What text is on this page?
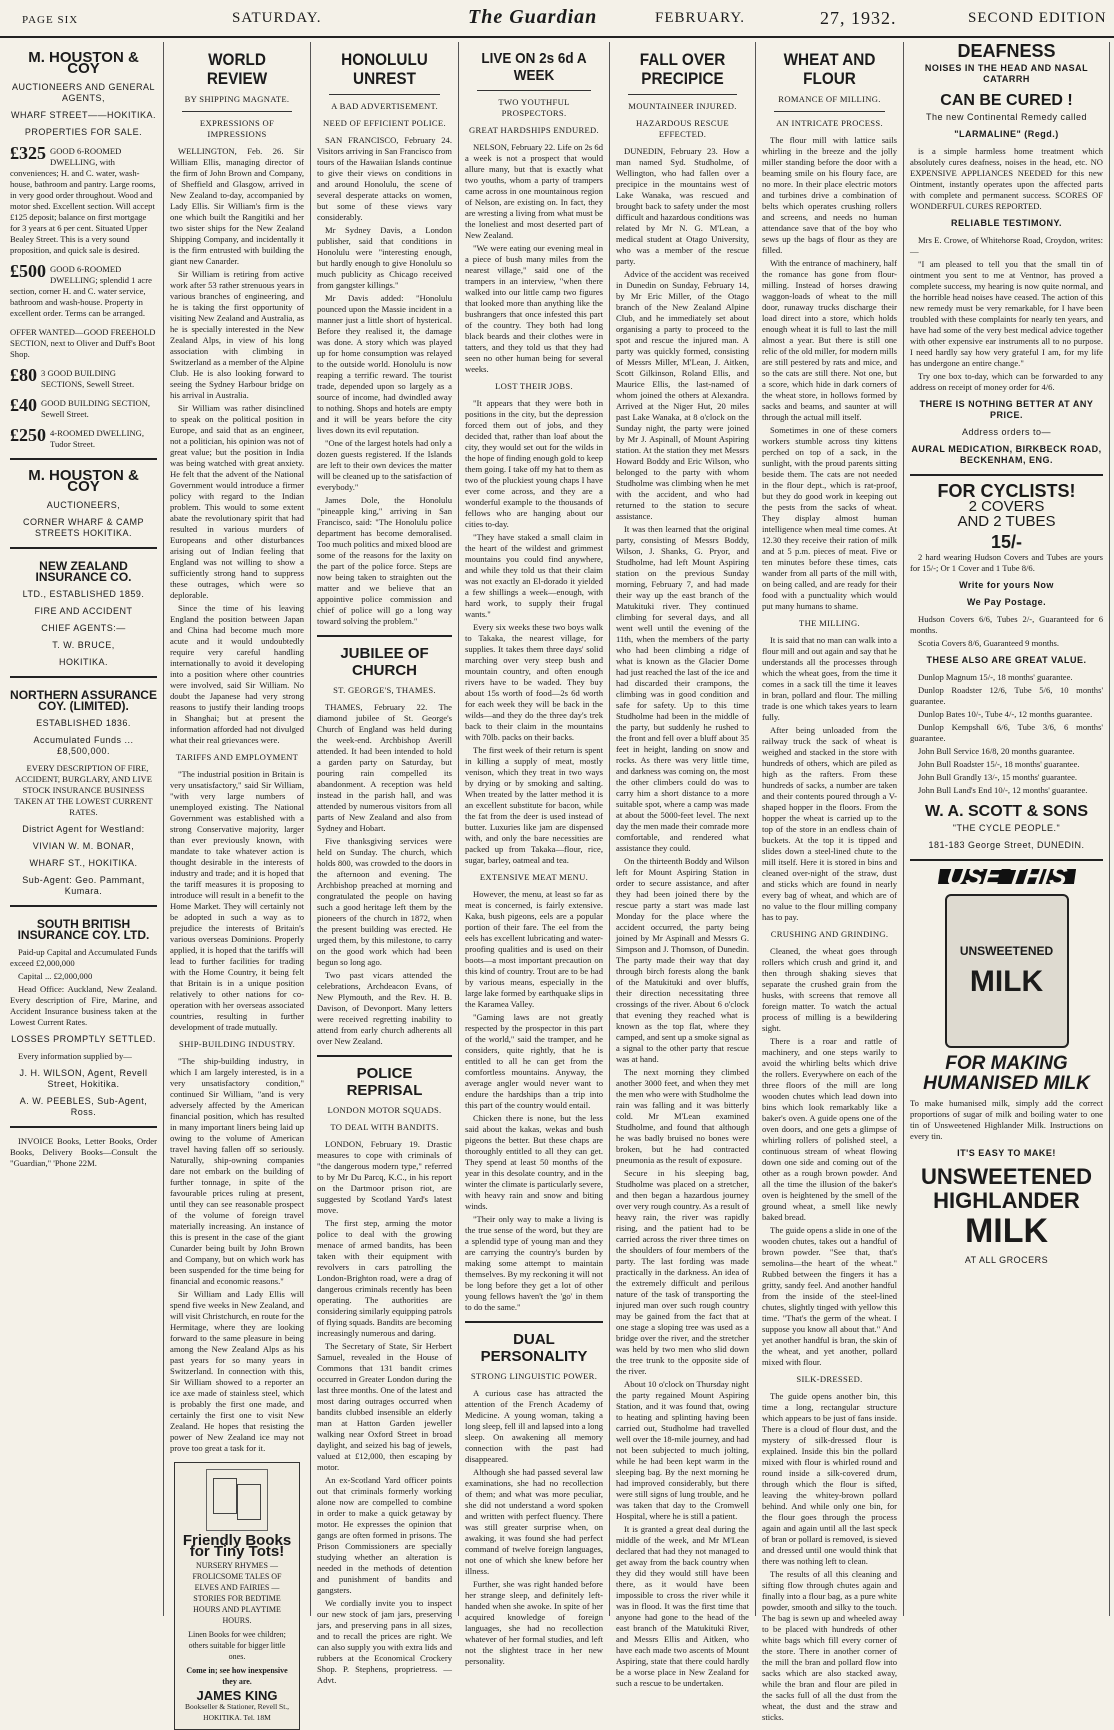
PAGE SIX	SATURDAY.	The Guardian	FEBRUARY.	27, 1932.	SECOND EDITION
M. HOUSTON & COY
AUCTIONEERS AND GENERAL AGENTS,
WHARF STREET——HOKITIKA.
PROPERTIES FOR SALE.
£325 GOOD 6-ROOMED DWELLING, with conveniences; H. and C. water, wash-house, bathroom and pantry. Large rooms, in very good order throughout. Wood and motor shed. Excellent section. Will accept £125 deposit; balance on first mortgage for 3 years at 6 per cent. Situated Upper Bealey Street. This is a very sound proposition, and quick sale is desired.
£500 GOOD 6-ROOMED DWELLING; splendid 1 acre section, corner H. and C. water service, bathroom and wash-house. Property in excellent order. Terms can be arranged.
OFFER WANTED—GOOD FREEHOLD SECTION, next to Oliver and Duff's Boot Shop.
£80 3 GOOD BUILDING SECTIONS, Sewell Street.
£40 GOOD BUILDING SECTION, Sewell Street.
£250 4-ROOMED DWELLING, Tudor Street.
M. HOUSTON & COY
AUCTIONEERS,
CORNER WHARF & CAMP STREETS HOKITIKA.
NEW ZEALAND INSURANCE CO.
LTD., ESTABLISHED 1859.
FIRE AND ACCIDENT
CHIEF AGENTS:—
T. W. BRUCE,
HOKITIKA.
NORTHERN ASSURANCE COY. (LIMITED).
ESTABLISHED 1836.
Accumulated Funds ... £8,500,000.

EVERY DESCRIPTION OF FIRE, ACCIDENT, BURGLARY, AND LIVE STOCK INSURANCE BUSINESS TAKEN AT THE LOWEST CURRENT RATES.

District Agent for Westland:
VIVIAN W. M. BONAR,
WHARF ST., HOKITIKA.
Sub-Agent: Geo. Pammant, Kumara.
SOUTH BRITISH INSURANCE COY. LTD.

Paid-up Capital and Accumulated Funds exceed £2,000,000

Capital ... £2,000,000

Head Office: Auckland, New Zealand. Every description of Fire, Marine, and Accident Insurance business taken at the Lowest Current Rates.

LOSSES PROMPTLY SETTLED.

Every information supplied by—

J. H. WILSON, Agent, Revell Street, Hokitika.
A. W. PEEBLES, Sub-Agent, Ross.

INVOICE Books, Letter Books, Order Books, Delivery Books—Consult the "Guardian," 'Phone 22M.

WORLD REVIEW
BY SHIPPING MAGNATE.
EXPRESSIONS OF IMPRESSIONS

WELLINGTON, Feb. 26. Sir William Ellis, managing director of the firm of John Brown and Company, of Sheffield and Glasgow, arrived in New Zealand to-day, accompanied by Lady Ellis. Sir William's firm is the one which built the Rangitiki and her two sister ships for the New Zealand Shipping Company, and incidentally it is the firm entrusted with building the giant new Canarder.

Sir William is retiring from active work after 53 rather strenuous years in various branches of engineering, and he is taking the first opportunity of visiting New Zealand and Australia, as he is specially interested in the New Zealand Alps, in view of his long association with climbing in Switzerland as a member of the Alpine Club. He is also looking forward to seeing the Sydney Harbour bridge on his arrival in Australia.

Sir William was rather disinclined to speak on the political position in Europe, and said that as an engineer, not a politician, his opinion was not of great value; but the position in India was being watched with great anxiety. He felt that the advent of the National Government would introduce a firmer policy with regard to the Indian problem. This would to some extent abate the revolutionary spirit that had resulted in various murders of Europeans and other disturbances arising out of Indian feeling that England was not willing to show a sufficiently strong hand to suppress these outrages, which were so deplorable.

Since the time of his leaving England the position between Japan and China had become much more acute and it would undoubtedly require very careful handling internationally to avoid it developing into a position where other countries were involved, said Sir William. No doubt the Japanese had very strong reasons to justify their landing troops in Shanghai; but at present the information afforded had not divulged what their real grievances were.

TARIFFS AND EMPLOYMENT

"The industrial position in Britain is very unsatisfactory," said Sir William, "with very large numbers of unemployed existing. The National Government was established with a strong Conservative majority, larger than ever previously known, with mandate to take whatever action is thought desirable in the interests of industry and trade; and it is hoped that the tariff measures it is proposing to introduce will result in a benefit to the Home Market. They will certainly not be adopted in such a way as to prejudice the interests of Britain's various overseas Dominions. Properly applied, it is hoped that the tariffs will lead to further facilities for trading with the Home Country, it being felt that Britain is in a unique position relatively to other nations for co-operation with her overseas associated countries, resulting in further development of trade mutually.

SHIP-BUILDING INDUSTRY.

"The ship-building industry, in which I am largely interested, is in a very unsatisfactory condition," continued Sir William, "and is very adversely affected by the American financial position, which has resulted in many important liners being laid up owing to the volume of American travel having fallen off so seriously. Naturally, ship-owning companies dare not embark on the building of further tonnage, in spite of the favourable prices ruling at present, until they can see reasonable prospect of the volume of foreign travel materially increasing. An instance of this is present in the case of the giant Cunarder being built by John Brown and Company, but on which work has been suspended for the time being for financial and economic reasons."

Sir William and Lady Ellis will spend five weeks in New Zealand, and will visit Christchurch, en route for the Hermitage, where they are looking forward to the same pleasure in being among the New Zealand Alps as his past years for so many years in Switzerland. In connection with this, Sir William showed to a reporter an ice axe made of stainless steel, which is probably the first one made, and certainly the first one to visit New Zealand. He hopes that resisting the power of New Zealand ice may not prove too great a task for it.

Friendly Books for Tiny Tots!
NURSERY RHYMES — FROLICSOME TALES OF ELVES AND FAIRIES — STORIES FOR BEDTIME HOURS AND PLAYTIME HOURS.
Linen Books for wee children; others suitable for bigger little ones.
Come in; see how inexpensive they are.
JAMES KING
Bookseller & Stationer, Revell St., HOKITIKA. Tel. 18M
HONOLULU UNREST
A BAD ADVERTISEMENT.
NEED OF EFFICIENT POLICE.

SAN FRANCISCO, February 24. Visitors arriving in San Francisco from tours of the Hawaiian Islands continue to give their views on conditions in and around Honolulu, the scene of several desperate attacks on women, but some of these views vary considerably.

Mr Sydney Davis, a London publisher, said that conditions in Honolulu were "interesting enough, but hardly enough to give Honolulu so much publicity as Chicago received from gangster killings."

Mr Davis added: "Honolulu pounced upon the Massie incident in a manner just a little short of hysterical. Before they realised it, the damage was done. A story which was played up for home consumption was relayed to the outside world. Honolulu is now reaping a terrific reward. The tourist trade, depended upon so largely as a source of income, had dwindled away to nothing. Shops and hotels are empty and it will be years before the city lives down its evil reputation.

"One of the largest hotels had only a dozen guests registered. If the Islands are left to their own devices the matter will be cleaned up to the satisfaction of everybody."

James Dole, the Honolulu "pineapple king," arriving in San Francisco, said: "The Honolulu police department has become demoralised. Too much politics and mixed blood are some of the reasons for the laxity on the part of the police force. Steps are now being taken to straighten out the matter and we believe that an appointive police commission and chief of police will go a long way toward solving the problem."

JUBILEE OF CHURCH
ST. GEORGE'S, THAMES.

THAMES, February 22. The diamond jubilee of St. George's Church of England was held during the week-end. Archbishop Averill attended. It had been intended to hold a garden party on Saturday, but pouring rain compelled its abandonment. A reception was held instead in the parish hall, and was attended by numerous visitors from all parts of New Zealand and also from Sydney and Hobart.

Five thanksgiving services were held on Sunday. The church, which holds 800, was crowded to the doors in the afternoon and evening. The Archbishop preached at morning and congratulated the people on having such a good heritage left them by the pioneers of the church in 1872, when the present building was erected. He urged them, by this milestone, to carry on the good work which had been begun so long ago.

Two past vicars attended the celebrations, Archdeacon Evans, of New Plymouth, and the Rev. H. B. Davison, of Devonport. Many letters were received regretting inability to attend from early church adherents all over New Zealand.

POLICE REPRISAL
LONDON MOTOR SQUADS.
TO DEAL WITH BANDITS.

LONDON, February 19. Drastic measures to cope with criminals of "the dangerous modern type," referred to by Mr Du Parcq, K.C., in his report on the Dartmoor prison riot, are suggested by Scotland Yard's latest move.

The first step, arming the motor police to deal with the growing menace of armed bandits, has been taken with their equipment with revolvers in cars patrolling the London-Brighton road, were a drag of dangerous criminals recently has been operating. The authorities are considering similarly equipping patrols of flying squads. Bandits are becoming increasingly numerous and daring.

The Secretary of State, Sir Herbert Samuel, revealed in the House of Commons that 131 bandit crimes occurred in Greater London during the last three months. One of the latest and most daring outrages occurred when bandits clubbed insensible an elderly man at Hatton Garden jeweller walking near Oxford Street in broad daylight, and seized his bag of jewels, valued at £12,000, then escaping by motor.

An ex-Scotland Yard officer points out that criminals formerly working alone now are compelled to combine in order to make a quick getaway by motor. He expresses the opinion that gangs are often formed in prisons. The Prison Commissioners are specially studying whether an alteration is needed in the methods of detention and punishment of bandits and gangsters.

We cordially invite you to inspect our new stock of jam jars, preserving jars, and preserving pans in all sizes, and to recall the prices are right. We can also supply you with extra lids and rubbers at the Economical Crockery Shop. P. Stephens, proprietress. —Advt.

LIVE ON 2s 6d A WEEK
TWO YOUTHFUL PROSPECTORS.
GREAT HARDSHIPS ENDURED.

NELSON, February 22. Life on 2s 6d a week is not a prospect that would allure many, but that is exactly what two youths, whom a party of trampers came across in one mountainous region of Nelson, are existing on. In fact, they are wresting a living from what must be the loneliest and most deserted part of New Zealand.

"We were eating our evening meal in a piece of bush many miles from the nearest village," said one of the trampers in an interview, "when there walked into our little camp two figures that looked more than anything like the bushrangers that once infested this part of the country. They both had long black beards and their clothes were in tatters, and they told us that they had seen no other human being for several weeks.

LOST THEIR JOBS.

"It appears that they were both in positions in the city, but the depression forced them out of jobs, and they decided that, rather than loaf about the city, they would set out for the wilds in the hope of finding enough gold to keep them going. I take off my hat to them as two of the pluckiest young chaps I have ever come across, and they are a wonderful example to the thousands of fellows who are hanging about our cities to-day.

"They have staked a small claim in the heart of the wildest and grimmest mountains you could find anywhere, and while they told us that their claim was not exactly an El-dorado it yielded a few shillings a week—enough, with hard work, to supply their frugal wants."

Every six weeks these two boys walk to Takaka, the nearest village, for supplies. It takes them three days' solid marching over very steep bush and mountain country, and often enough rivers have to be waded. They buy about 15s worth of food—2s 6d worth for each week they will be back in the wilds—and they do the three day's trek back to their claim in the mountains with 70lb. packs on their backs.

The first week of their return is spent in killing a supply of meat, mostly venison, which they treat in two ways by drying or by smoking and salting. When treated by the latter method it is an excellent substitute for bacon, while the fat from the deer is used instead of butter. Luxuries like jam are dispensed with, and only the bare necessities are packed up from Takaka—flour, rice, sugar, barley, oatmeal and tea.

EXTENSIVE MEAT MENU.

However, the menu, at least so far as meat is concerned, is fairly extensive. Kaka, bush pigeons, eels are a popular portion of their fare. The eel from the eels has excellent lubricating and water-proofing qualities and is used on their boots—a most important precaution on this kind of country. Trout are to be had by various means, especially in the large lake formed by earthquake slips in the Karamea Valley.

"Gaming laws are not greatly respected by the prospector in this part of the world," said the tramper, and he considers, quite rightly, that he is entitled to all he can get from the comfortless mountains. Anyway, the average angler would never want to endure the hardships than a trip into this part of the country would entail.

Chicken there is none, but the less said about the kakas, wekas and bush pigeons the better. But these chaps are thoroughly entitled to all they can get. They spend at least 50 months of the year in this desolate country, and in the winter the climate is particularly severe, with heavy rain and snow and biting winds.

"Their only way to make a living is the true sense of the word, but they are a splendid type of young man and they are carrying the country's burden by making some attempt to maintain themselves. By my reckoning it will not be long before they get a lot of other young fellows haven't the 'go' in them to do the same."

DUAL PERSONALITY
STRONG LINGUISTIC POWER.

A curious case has attracted the attention of the French Academy of Medicine. A young woman, taking a long sleep, fell ill and lapsed into a long sleep. On awakening all memory connection with the past had disappeared.

Although she had passed several law examinations, she had no recollection of them; and what was more peculiar, she did not understand a word spoken and written with perfect fluency. There was still greater surprise when, on awaking, it was found she had perfect command of twelve foreign languages, not one of which she knew before her illness.

Further, she was right handed before her strange sleep, and definitely left-handed when she awoke. In spite of her acquired knowledge of foreign languages, she had no recollection whatever of her formal studies, and left not the slightest trace in her new personality.

FALL OVER PRECIPICE
MOUNTAINEER INJURED.
HAZARDOUS RESCUE EFFECTED.

DUNEDIN, February 23. How a man named Syd. Studholme, of Wellington, who had fallen over a precipice in the mountains west of Lake Wanaka, was rescued and brought back to safety under the most difficult and hazardous conditions was related by Mr N. G. M'Lean, a medical student at Otago University, who was a member of the rescue party.

Advice of the accident was received in Dunedin on Sunday, February 14, by Mr Eric Miller, of the Otago branch of the New Zealand Alpine Club, and he immediately set about organising a party to proceed to the spot and rescue the injured man. A party was quickly formed, consisting of Messrs Miller, M'Lean, J. Aitken, Scott Gilkinson, Roland Ellis, and Maurice Ellis, the last-named of whom joined the others at Alexandra. Arrived at the Niger Hut, 20 miles past Lake Wanaka, at 8 o'clock on the Sunday night, the party were joined by Mr J. Aspinall, of Mount Aspiring station. At the station they met Messrs Howard Boddy and Eric Wilson, who belonged to the party with whom Studholme was climbing when he met with the accident, and who had returned to the station to secure assistance.

It was then learned that the original party, consisting of Messrs Boddy, Wilson, J. Shanks, G. Pryor, and Studholme, had left Mount Aspiring station on the previous Sunday morning, February 7, and had made their way up the east branch of the Matukituki river. They continued climbing for several days, and all went well until the evening of the 11th, when the members of the party who had been climbing a ridge of what is known as the Glacier Dome had just reached the last of the ice and had discarded their crampons, the climbing was in good condition and safe for safety. Up to this time Studholme had been in the middle of the party, but suddenly he rushed to the front and fell over a bluff about 35 feet in height, landing on snow and rocks. As there was very little time, and darkness was coming on, the most the other climbers could do was to carry him a short distance to a more suitable spot, where a camp was made at about the 5000-feet level. The next day the men made their comrade more comfortable, and rendered what assistance they could.

On the thirteenth Boddy and Wilson left for Mount Aspiring Station in order to secure assistance, and after they had been joined there by the rescue party a start was made last Monday for the place where the accident occurred, the party being joined by Mr Aspinall and Messrs G. Simpson and J. Thomson, of Dunedin. The party made their way that day through birch forests along the bank of the Matukituki and over bluffs, their direction necessitating three crossings of the river. About 6 o'clock that evening they reached what is known as the top flat, where they camped, and sent up a smoke signal as a signal to the other party that rescue was at hand.

The next morning they climbed another 3000 feet, and when they met the men who were with Studholme the rain was falling and it was bitterly cold. Mr M'Lean examined Studholme, and found that although he was badly bruised no bones were broken, but he had contracted pneumonia as the result of exposure.

Secure in his sleeping bag, Studholme was placed on a stretcher, and then began a hazardous journey over very rough country. As a result of heavy rain, the river was rapidly rising, and the patient had to be carried across the river three times on the shoulders of four members of the party. The last fording was made practically in the darkness. An idea of the extremely difficult and perilous nature of the task of transporting the injured man over such rough country may be gained from the fact that at one stage a sloping tree was used as a bridge over the river, and the stretcher was held by two men who slid down the tree trunk to the opposite side of the river.

About 10 o'clock on Thursday night the party regained Mount Aspiring Station, and it was found that, owing to heating and splinting having been carried out, Studholme had travelled well over the 18-mile journey, and had not been subjected to much jolting, while he had been kept warm in the sleeping bag. By the next morning he had improved considerably, but there were still signs of lung trouble, and he was taken that day to the Cromwell Hospital, where he is still a patient.

It is granted a great deal during the middle of the week, and Mr M'Lean declared that had they not managed to get away from the back country when they did they would still have been there, as it would have been impossible to cross the river while it was in flood. It was the first time that anyone had gone to the head of the east branch of the Matukituki River, and Messrs Ellis and Aitken, who have each made two ascents of Mount Aspiring, state that there could hardly be a worse place in New Zealand for such a rescue to be undertaken.

WHEAT AND FLOUR
ROMANCE OF MILLING.
AN INTRICATE PROCESS.

The flour mill with lattice sails whirling in the breeze and the jolly miller standing before the door with a beaming smile on his floury face, are no more. In their place electric motors and turbines drive a combination of belts which operates crushing rollers and screens, and needs no human attendance save that of the boy who sews up the bags of flour as they are filled.

With the entrance of machinery, half the romance has gone from flour-milling. Instead of horses drawing waggon-loads of wheat to the mill door, runaway trucks discharge their load direct into a store, which holds enough wheat it is full to last the mill almost a year. But there is still one relic of the old miller, for modern mills are still pestered by rats and mice, and so the cats are still there. Not one, but a score, which hide in dark corners of the wheat store, in hollows formed by sacks and beams, and saunter at will through the actual mill itself.

Sometimes in one of these corners workers stumble across tiny kittens perched on top of a sack, in the sunlight, with the proud parents sitting beside them. The cats are not needed in the flour dept., which is rat-proof, but they do good work in keeping out the pests from the sacks of wheat. They display almost human intelligence when meal time comes. At 12.30 they receive their ration of milk and at 5 p.m. pieces of meat. Five or ten minutes before these times, cats wander from all parts of the mill with, on being called, and are ready for their food with a punctuality which would put many humans to shame.

THE MILLING.

It is said that no man can walk into a flour mill and out again and say that he understands all the processes through which the wheat goes, from the time it comes in a sack till the time it leaves in bran, pollard and flour. The milling trade is one which takes years to learn fully.

After being unloaded from the railway truck the sack of wheat is weighed and stacked in the store with hundreds of others, which are piled as high as the rafters. From these hundreds of sacks, a number are taken and their contents poured through a V-shaped hopper in the floors. From the hopper the wheat is carried up to the top of the store in an endless chain of buckets. At the top it is tipped and slides down a steel-lined chute to the mill itself. Here it is stored in bins and cleaned over-night of the straw, dust and sticks which are found in nearly every bag of wheat, and which are of no value to the flour milling company has to pay.

CRUSHING AND GRINDING.

Cleaned, the wheat goes through rollers which crush and grind it, and then through shaking sieves that separate the crushed grain from the husks, with screens that remove all foreign matter. To watch the actual process of milling is a bewildering sight.

There is a roar and rattle of machinery, and one steps warily to avoid the whirling belts which drive the rollers. Everywhere on each of the three floors of the mill are long wooden chutes which lead down into bins which look remarkably like a baker's oven. A guide opens one of the oven doors, and one gets a glimpse of whirling rollers of polished steel, a continuous stream of wheat flowing down one side and coming out of the other as a rough brown powder. And all the time the illusion of the baker's oven is heightened by the smell of the ground wheat, a smell like newly baked bread.

The guide opens a slide in one of the wooden chutes, takes out a handful of brown powder. "See that, that's semolina—the heart of the wheat." Rubbed between the fingers it has a gritty, sandy feel. And another handful from the inside of the steel-lined chutes, slightly tinged with yellow this time. "That's the germ of the wheat. I suppose you know all about that." And yet another handful is bran, the skin of the wheat, and yet another, pollard mixed with flour.

SILK-DRESSED.

The guide opens another bin, this time a long, rectangular structure which appears to be just of fans inside. There is a cloud of flour dust, and the mystery of silk-dressed flour is explained. Inside this bin the pollard mixed with flour is whirled round and round inside a silk-covered drum, through which the flour is sifted, leaving the whitey-brown pollard behind. And while only one bin, for the flour goes through the process again and again until all the last speck of bran or pollard is removed, is sieved and dressed until one would think that there was nothing left to clean.

The results of all this cleaning and sifting flow through chutes again and finally into a flour bag, as a pure white powder, smooth and silky to the touch. The bag is sewn up and wheeled away to be placed with hundreds of other white bags which fill every corner of the store. There in another corner of the mill the bran and pollard flow into sacks which are also stacked away, while the bran and flour are piled in the sacks full of all the dust from the wheat, the dust and the straw and sticks.

DEAFNESS
NOISES IN THE HEAD AND NASAL CATARRH
CAN BE CURED !
The new Continental Remedy called
"LARMALINE" (Regd.)

is a simple harmless home treatment which absolutely cures deafness, noises in the head, etc. NO EXPENSIVE APPLIANCES NEEDED for this new Ointment, instantly operates upon the affected parts with complete and permanent success. SCORES OF WONDERFUL CURES REPORTED.

RELIABLE TESTIMONY.

Mrs E. Crowe, of Whitehorse Road, Croydon, writes:—

"I am pleased to tell you that the small tin of ointment you sent to me at Ventnor, has proved a complete success, my hearing is now quite normal, and the horrible head noises have ceased. The action of this new remedy must be very remarkable, for I have been troubled with these complaints for nearly ten years, and have had some of the very best medical advice together with other expensive ear instruments all to no purpose. I need hardly say how very grateful I am, for my life has undergone an entire change."

Try one box to-day, which can be forwarded to any address on receipt of money order for 4/6.

THERE IS NOTHING BETTER AT ANY PRICE.
Address orders to—
AURAL MEDICATION, BIRKBECK ROAD, BECKENHAM, ENG.
FOR CYCLISTS!
2 COVERS
AND 2 TUBES
15/-

2 hard wearing Hudson Covers and Tubes are yours for 15/-; Or 1 Cover and 1 Tube 8/6.

Write for yours Now
We Pay Postage.

Hudson Covers 6/6, Tubes 2/-, Guaranteed for 6 months.

Scotia Covers 8/6, Guaranteed 9 months.

THESE ALSO ARE GREAT VALUE.

Dunlop Magnum 15/-, 18 months' guarantee.

Dunlop Roadster 12/6, Tube 5/6, 10 months' guarantee.

Dunlop Bates 10/-, Tube 4/-, 12 months guarantee.

Dunlop Kempshall 6/6, Tube 3/6, 6 months' guarantee.

John Bull Service 16/8, 20 months guarantee.

John Bull Roadster 15/-, 18 months' guarantee.

John Bull Grandly 13/-, 15 months' guarantee.

John Bull Land's End 10/-, 12 months' guarantee.

W. A. SCOTT & SONS
"THE CYCLE PEOPLE."
181-183 George Street, DUNEDIN.
USE THIS
UNSWEETENED
MILK
FOR MAKING HUMANISED MILK

To make humanised milk, simply add the correct proportions of sugar of milk and boiling water to one tin of Unsweetened Highlander Milk. Instructions on every tin.

IT'S EASY TO MAKE!
UNSWEETENED
HIGHLANDER
MILK
AT ALL GROCERS
